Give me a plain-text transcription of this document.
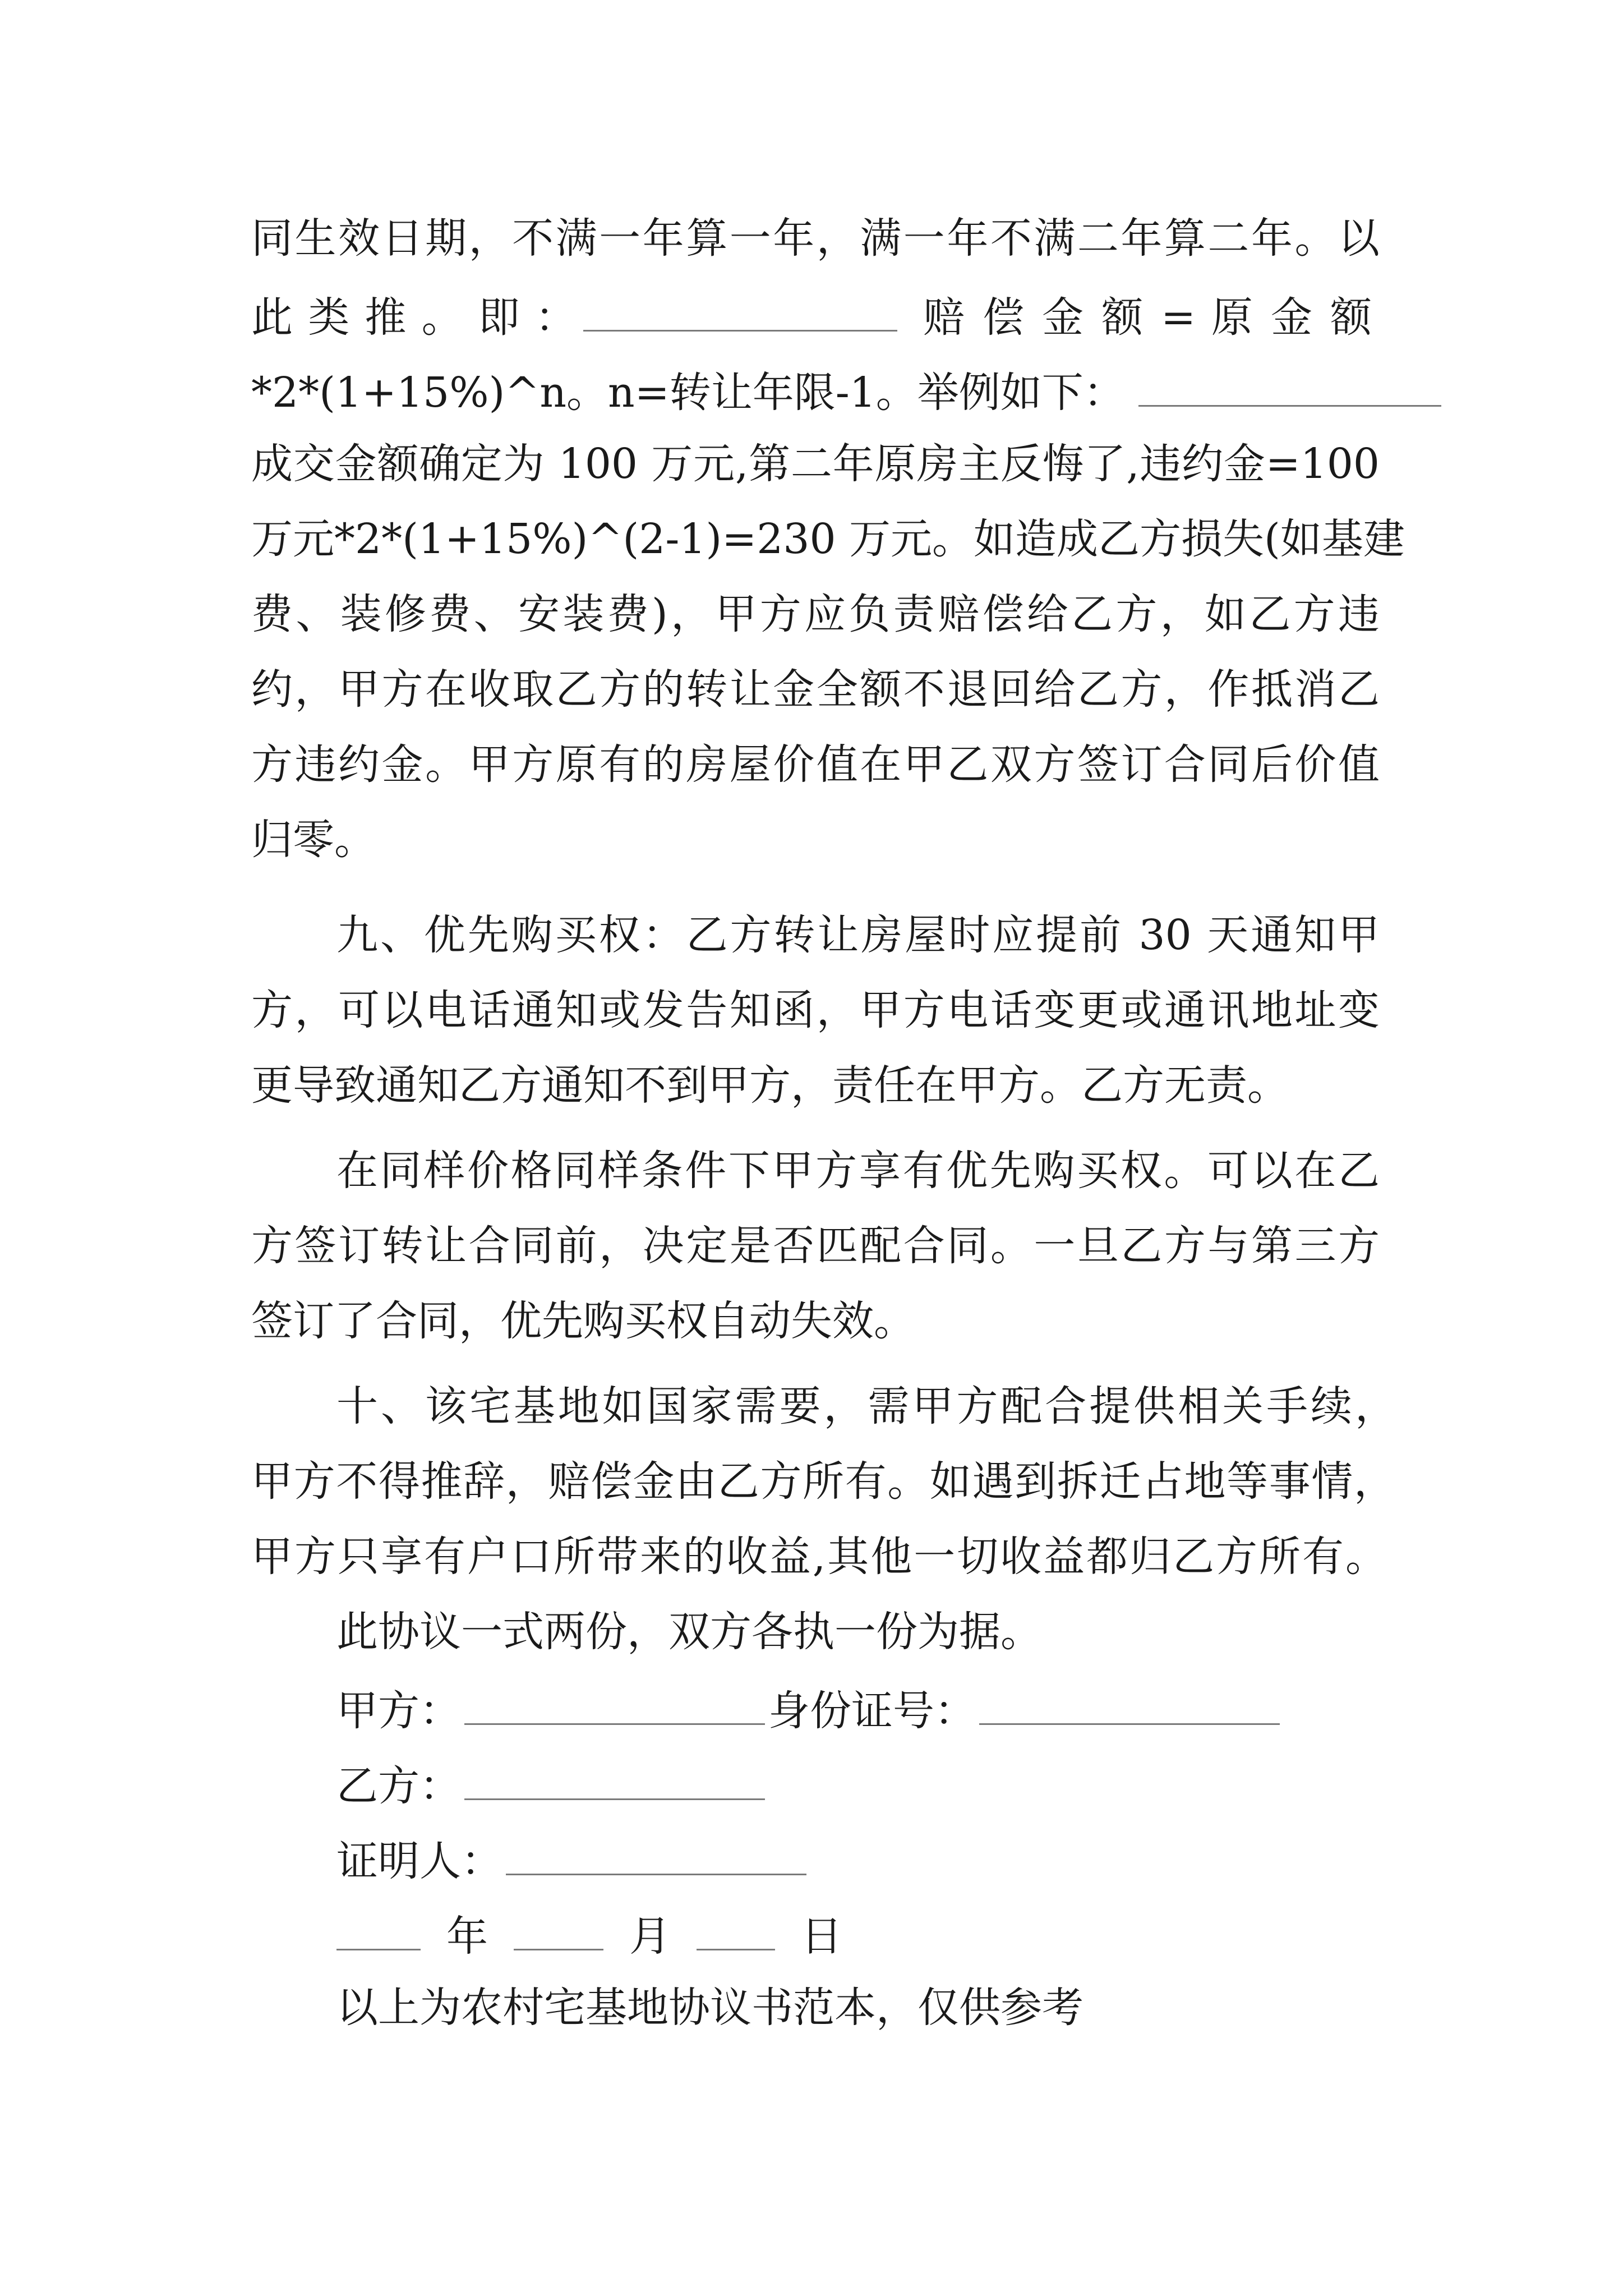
同生效日期，不满一年算一年，满一年不满二年算二年。以
此 类 推 。 即 ：	赔 偿 金 额 = 原 金 额
*2*(1+15%)^n。n=转让年限-1。举例如下：
成交金额确定为 100 万元,第二年原房主反悔了,违约金=100
万元*2*(1+15%)^(2-1)=230 万元。如造成乙方损失(如基建
费、装修费、安装费)，甲方应负责赔偿给乙方，如乙方违
约，甲方在收取乙方的转让金全额不退回给乙方，作抵消乙
方违约金。甲方原有的房屋价值在甲乙双方签订合同后价值
归零。
九、优先购买权：乙方转让房屋时应提前 30 天通知甲
方，可以电话通知或发告知函，甲方电话变更或通讯地址变
更导致通知乙方通知不到甲方，责任在甲方。乙方无责。
在同样价格同样条件下甲方享有优先购买权。可以在乙
方签订转让合同前，决定是否匹配合同。一旦乙方与第三方
签订了合同，优先购买权自动失效。
十、该宅基地如国家需要，需甲方配合提供相关手续，
甲方不得推辞，赔偿金由乙方所有。如遇到拆迁占地等事情，
甲方只享有户口所带来的收益,其他一切收益都归乙方所有。
此协议一式两份，双方各执一份为据。
甲方：	身份证号：
乙方：
证明人：
年	月	日
以上为农村宅基地协议书范本，仅供参考
